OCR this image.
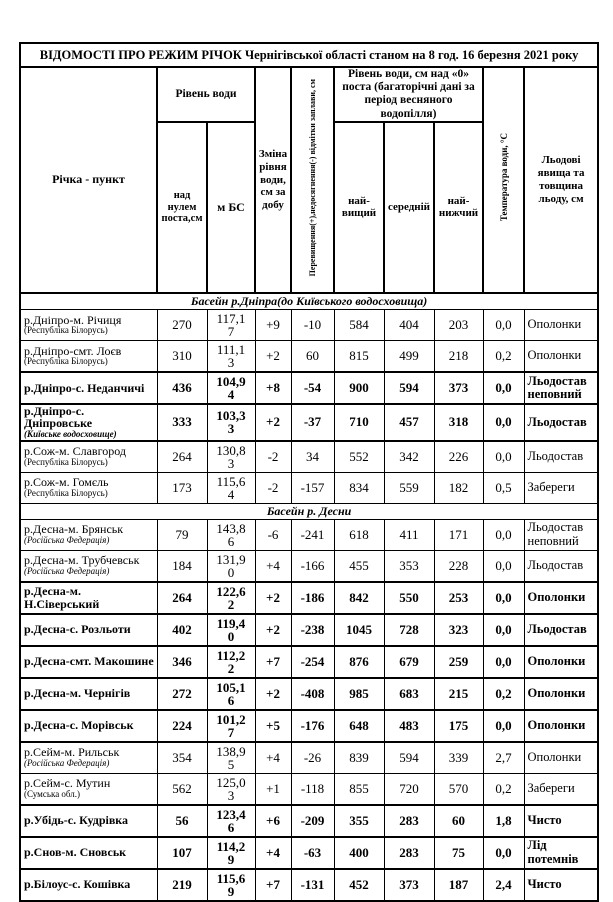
ВІДОМОСТІ ПРО РЕЖИМ РІЧОК Чернігівської області станом на 8 год. 16 березня 2021 року									
Річка - пункт	Рівень води		Зміна рівня води, см за добу	Перевищення(+),недосягнення(-) відмітки заплави, см	Рівень води, см над «0» поста (багаторічні дані за період весняного водопілля)			Температура води, °С	Льодові явища та товщина льоду, см
	над нулем поста,см	м БС			най-вищий	середній	най-нижчий		
Басейн р.Дніпра(до Київського водосховища)									

р.Дніпро-м. Річиця
(Республіка Білорусь)	270	117,17	+9	-10	584	404	203	0,0	Ополонки

р.Дніпро-смт. Лоєв
(Республіка Білорусь)	310	111,13	+2	60	815	499	218	0,2	Ополонки

р.Дніпро-с. Неданчичі	436	104,94	+8	-54	900	594	373	0,0	Льодостав неповний

р.Дніпро-с. Дніпровське
(Київське водосховище)	333	103,33	+2	-37	710	457	318	0,0	Льодостав

р.Сож-м. Славгород
(Республіка Білорусь)	264	130,83	-2	34	552	342	226	0,0	Льодостав

р.Сож-м. Гомєль
(Республіка Білорусь)	173	115,64	-2	-157	834	559	182	0,5	Забереги
Басейн р. Десни									

р.Десна-м. Брянськ
(Російська Федерація)	79	143,86	-6	-241	618	411	171	0,0	Льодостав неповний

р.Десна-м. Трубчевськ
(Російська Федерація)	184	131,90	+4	-166	455	353	228	0,0	Льодостав

р.Десна-м. Н.Сіверський	264	122,62	+2	-186	842	550	253	0,0	Ополонки

р.Десна-с. Розльоти	402	119,40	+2	-238	1045	728	323	0,0	Льодостав

р.Десна-смт. Макошине	346	112,22	+7	-254	876	679	259	0,0	Ополонки

р.Десна-м. Чернігів	272	105,16	+2	-408	985	683	215	0,2	Ополонки

р.Десна-с. Морівськ	224	101,27	+5	-176	648	483	175	0,0	Ополонки

р.Сейм-м. Рильськ
(Російська Федерація)	354	138,95	+4	-26	839	594	339	2,7	Ополонки

р.Сейм-с. Мутин
(Сумська обл.)	562	125,03	+1	-118	855	720	570	0,2	Забереги

р.Убідь-с. Кудрівка	56	123,46	+6	-209	355	283	60	1,8	Чисто

р.Снов-м. Сновськ	107	114,29	+4	-63	400	283	75	0,0	Лід потемнів

р.Білоус-с. Кошівка	219	115,69	+7	-131	452	373	187	2,4	Чисто
